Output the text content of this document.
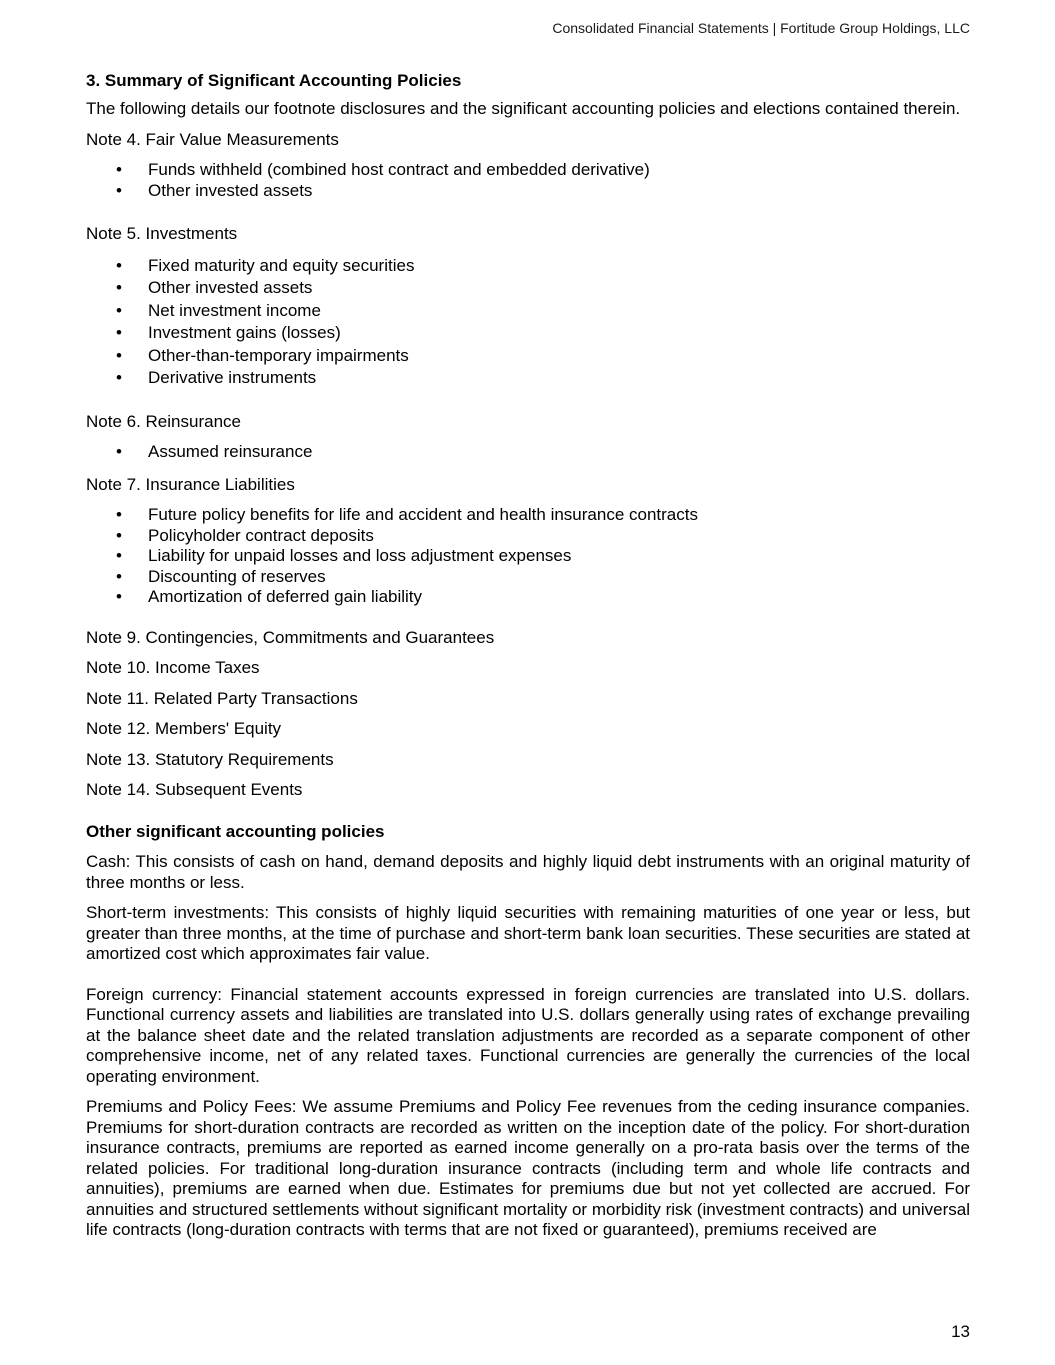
Consolidated Financial Statements | Fortitude Group Holdings, LLC
3. Summary of Significant Accounting Policies

The following details our footnote disclosures and the significant accounting policies and elections contained therein.

Note 4. Fair Value Measurements
• Funds withheld (combined host contract and embedded derivative)
• Other invested assets
Note 5. Investments
• Fixed maturity and equity securities
• Other invested assets
• Net investment income
• Investment gains (losses)
• Other-than-temporary impairments
• Derivative instruments
Note 6. Reinsurance
• Assumed reinsurance
Note 7. Insurance Liabilities
• Future policy benefits for life and accident and health insurance contracts
• Policyholder contract deposits
• Liability for unpaid losses and loss adjustment expenses
• Discounting of reserves
• Amortization of deferred gain liability
Note 9. Contingencies, Commitments and Guarantees
Note 10. Income Taxes
Note 11. Related Party Transactions
Note 12. Members' Equity
Note 13. Statutory Requirements
Note 14. Subsequent Events
Other significant accounting policies

Cash: This consists of cash on hand, demand deposits and highly liquid debt instruments with an original maturity of three months or less.

Short-term investments: This consists of highly liquid securities with remaining maturities of one year or less, but greater than three months, at the time of purchase and short-term bank loan securities. These securities are stated at amortized cost which approximates fair value.

Foreign currency: Financial statement accounts expressed in foreign currencies are translated into U.S. dollars. Functional currency assets and liabilities are translated into U.S. dollars generally using rates of exchange prevailing at the balance sheet date and the related translation adjustments are recorded as a separate component of other comprehensive income, net of any related taxes. Functional currencies are generally the currencies of the local operating environment.

Premiums and Policy Fees: We assume Premiums and Policy Fee revenues from the ceding insurance companies. Premiums for short-duration contracts are recorded as written on the inception date of the policy. For short-duration insurance contracts, premiums are reported as earned income generally on a pro-rata basis over the terms of the related policies. For traditional long-duration insurance contracts (including term and whole life contracts and annuities), premiums are earned when due. Estimates for premiums due but not yet collected are accrued. For annuities and structured settlements without significant mortality or morbidity risk (investment contracts) and universal life contracts (long-duration contracts with terms that are not fixed or guaranteed), premiums received are

13
